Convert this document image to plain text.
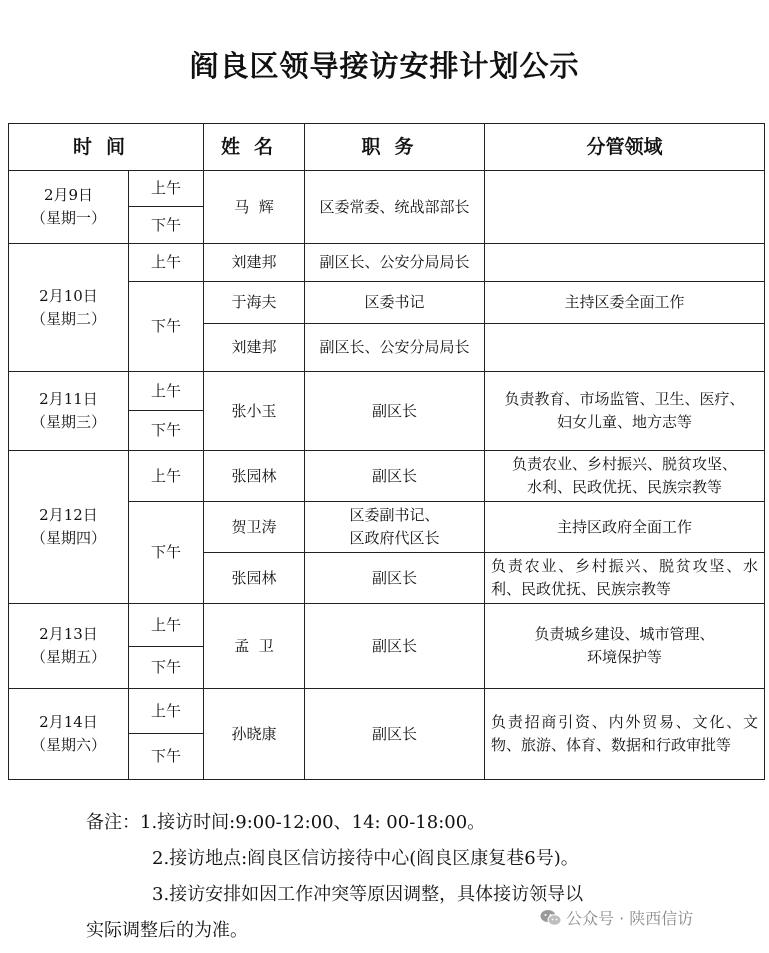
阎良区领导接访安排计划公示
时间		姓名	职务	分管领域

2月9日
（星期一）	上午	马  辉	区委常委、统战部部长	
	下午			

2月10日
（星期二）	上午	刘建邦	副区长、公安分局局长	
	下午	于海夫	区委书记	主持区委全面工作
		刘建邦	副区长、公安分局局长	

2月11日
（星期三）	上午	张小玉	副区长	负责教育、市场监管、卫生、医疗、
妇女儿童、地方志等

	下午			

2月12日
（星期四）	上午	张园林	副区长	负责农业、乡村振兴、脱贫攻坚、
水利、民政优抚、民族宗教等

	下午	贺卫涛	区委副书记、
区政府代区长	主持区政府全面工作
		张园林	副区长	负责农业、乡村振兴、脱贫攻坚、水利、民政优抚、民族宗教等

2月13日
（星期五）	上午	孟  卫	副区长	负责城乡建设、城市管理、
环境保护等

	下午			

2月14日
（星期六）	上午	孙晓康	副区长	负责招商引资、内外贸易、文化、文物、旅游、体育、数据和行政审批等
	下午			
备注：1.接访时间:9:00-12:00、14: 00-18:00。
2.接访地点:阎良区信访接待中心(阎良区康复巷6号)。
3.接访安排如因工作冲突等原因调整，具体接访领导以
实际调整后的为准。
公众号 · 陕西信访
